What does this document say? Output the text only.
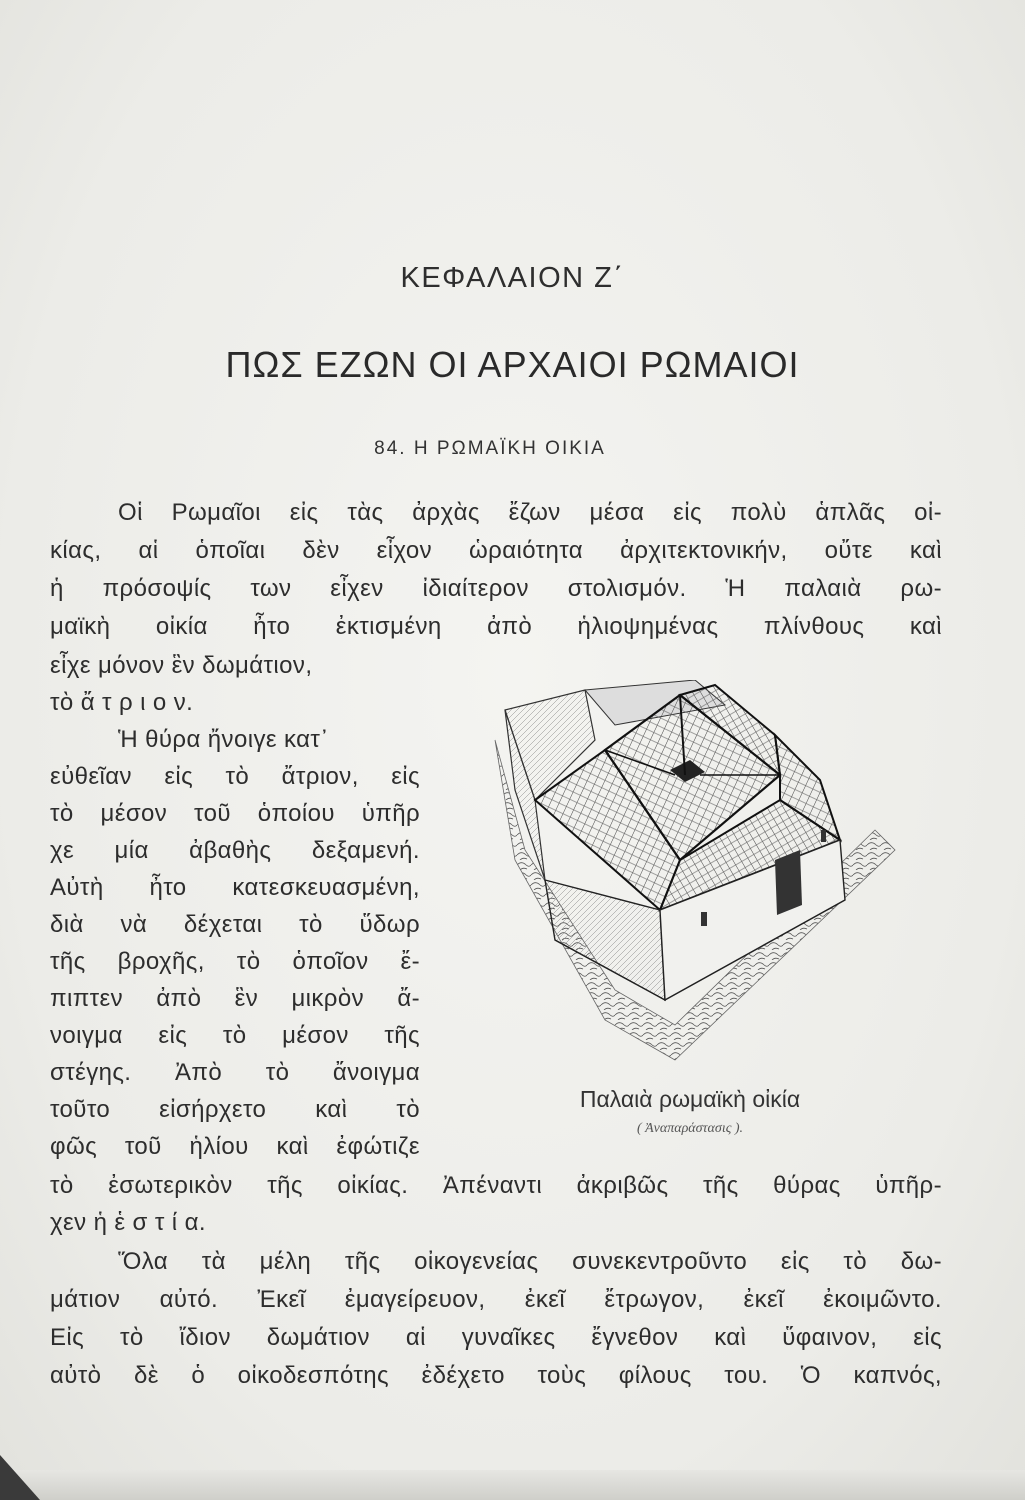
ΚΕΦΑΛΑΙΟΝ Ζ΄
ΠΩΣ ΕΖΩΝ ΟΙ ΑΡΧΑΙΟΙ ΡΩΜΑΙΟΙ
84. Η ΡΩΜΑΪΚΗ ΟΙΚΙΑ
Οἱ Ρωμαῖοι εἰς τὰς ἀρχὰς ἔζων μέσα εἰς πολὺ ἁπλᾶς οἰ-
κίας, αἱ ὁποῖαι δὲν εἶχον ὡραιότητα ἀρχιτεκτονικήν, οὔτε καὶ
ἡ πρόσοψίς των εἶχεν ἰδιαίτερον στολισμόν. Ἡ παλαιὰ ρω-
μαϊκὴ οἰκία ἦτο ἐκτισμένη ἀπὸ ἡλιοψημένας πλίνθους καὶ
εἶχε μόνον ἓν δωμάτιον,
τὸ ἄ τ ρ ι ο ν.
Ἡ θύρα ἤνοιγε κατ᾽
εὐθεῖαν εἰς τὸ ἄτριον, εἰς
τὸ μέσον τοῦ ὁποίου ὑπῆρ
χε μία ἀβαθὴς δεξαμενή.
Αὐτὴ ἦτο κατεσκευασμένη,
διὰ νὰ δέχεται τὸ ὕδωρ
τῆς βροχῆς, τὸ ὁποῖον ἔ-
πιπτεν ἀπὸ ἓν μικρὸν ἄ-
νοιγμα εἰς τὸ μέσον τῆς
στέγης. Ἀπὸ τὸ ἄνοιγμα
τοῦτο εἰσήρχετο καὶ τὸ
φῶς τοῦ ἡλίου καὶ ἐφώτιζε
τὸ ἐσωτερικὸν τῆς οἰκίας. Ἀπέναντι ἀκριβῶς τῆς θύρας ὑπῆρ-
χεν ἡ ἑ σ τ ί α.
Ὅλα τὰ μέλη τῆς οἰκογενείας συνεκεντροῦντο εἰς τὸ δω-
μάτιον αὐτό. Ἐκεῖ ἐμαγείρευον, ἐκεῖ ἔτρωγον, ἐκεῖ ἐκοιμῶντο.
Εἰς τὸ ἴδιον δωμάτιον αἱ γυναῖκες ἔγνεθον καὶ ὕφαινον, εἰς
αὐτὸ δὲ ὁ οἰκοδεσπότης ἐδέχετο τοὺς φίλους του. Ὁ καπνός,
Παλαιὰ ρωμαϊκὴ οἰκία
( Ἀναπαράστασις ).
